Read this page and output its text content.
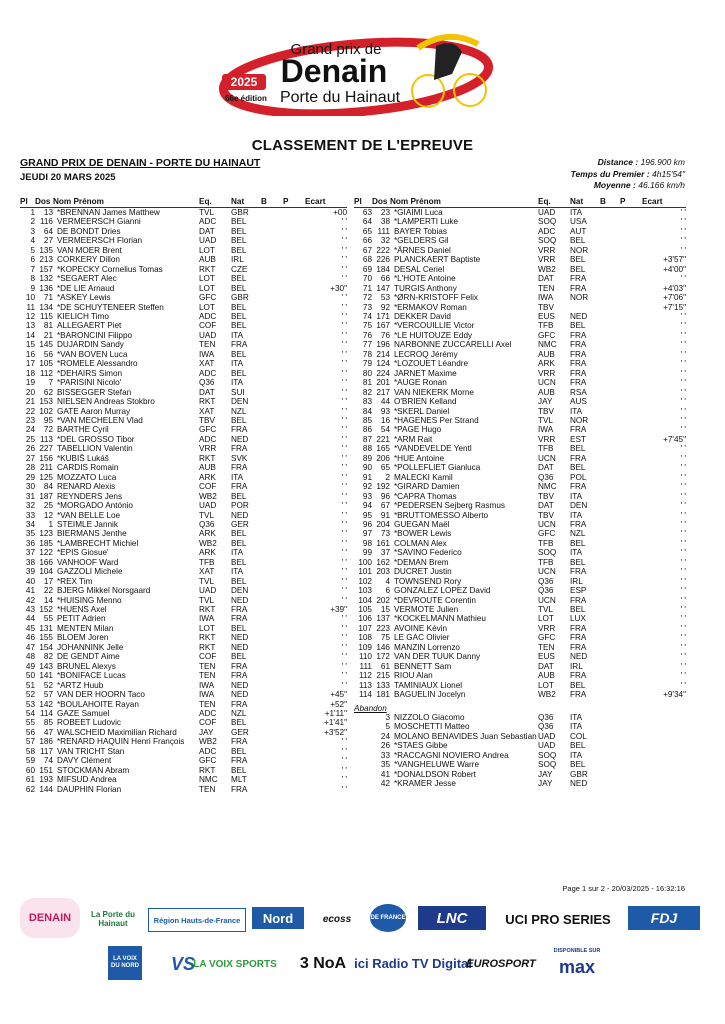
2025
66e édition
Grand prix de
Denain
Porte du Hainaut
CLASSEMENT DE L'EPREUVE
GRAND PRIX DE DENAIN - PORTE DU HAINAUT
JEUDI 20 MARS 2025
Distance : 196.900 km
Temps du Premier : 4h15'54"
Moyenne : 46.166 km/h
Pl	Dos	Nom Prénom	Eq.	Nat	B	P	Ecart
1	13	*BRENNAN James Matthew	TVL	GBR			+00
2	116	VERMEERSCH Gianni	ADC	BEL			' '
3	64	DE BONDT Dries	DAT	BEL			' '
4	27	VERMEERSCH Florian	UAD	BEL			' '
5	135	VAN MOER Brent	LOT	BEL			' '
6	213	CORKERY Dillon	AUB	IRL			' '
7	157	*KOPECKY Cornelius Tomas	RKT	CZE			' '
8	132	*SEGAERT Alec	LOT	BEL			' '
9	136	*DE LIE Arnaud	LOT	BEL			+30"
10	71	*ASKEY Lewis	GFC	GBR			' '
11	134	*DE SCHUYTENEER Steffen	LOT	BEL			' '
12	115	KIELICH Timo	ADC	BEL			' '
13	81	ALLEGAERT Piet	COF	BEL			' '
14	21	*BARONCINI Filippo	UAD	ITA			' '
15	145	DUJARDIN Sandy	TEN	FRA			' '
16	56	*VAN BOVEN Luca	IWA	BEL			' '
17	105	*ROMELE Alessandro	XAT	ITA			' '
18	112	*DEHAIRS Simon	ADC	BEL			' '
19	7	*PARISINI Nicolo'	Q36	ITA			' '
20	62	BISSEGGER Stefan	DAT	SUI			' '
21	153	NIELSEN Andreas Stokbro	RKT	DEN			' '
22	102	GATE Aaron Murray	XAT	NZL			' '
23	95	*VAN MECHELEN Vlad	TBV	BEL			' '
24	72	BARTHE Cyril	GFC	FRA			' '
25	113	*DEL GROSSO Tibor	ADC	NED			' '
26	227	TABELLION Valentin	VRR	FRA			' '
27	156	*KUBIŠ Lukáš	RKT	SVK			' '
28	211	CARDIS Romain	AUB	FRA			' '
29	125	MOZZATO Luca	ARK	ITA			' '
30	84	RENARD Alexis	COF	FRA			' '
31	187	REYNDERS Jens	WB2	BEL			' '
32	25	*MORGADO António	UAD	POR			' '
33	12	*VAN BELLE Loe	TVL	NED			' '
34	1	STEIMLE Jannik	Q36	GER			' '
35	123	BIERMANS Jenthe	ARK	BEL			' '
36	185	*LAMBRECHT Michiel	WB2	BEL			' '
37	122	*EPIS Giosue'	ARK	ITA			' '
38	166	VANHOOF Ward	TFB	BEL			' '
39	104	GAZZOLI Michele	XAT	ITA			' '
40	17	*REX Tim	TVL	BEL			' '
41	22	BJERG Mikkel Norsgaard	UAD	DEN			' '
42	14	*HUISING Menno	TVL	NED			' '
43	152	*HUENS Axel	RKT	FRA			+39"
44	55	PETIT Adrien	IWA	FRA			' '
45	131	MENTEN Milan	LOT	BEL			' '
46	155	BLOEM Joren	RKT	NED			' '
47	154	JOHANNINK Jelle	RKT	NED			' '
48	82	DE GENDT Aime	COF	BEL			' '
49	143	BRUNEL Alexys	TEN	FRA			' '
50	141	*BONIFACE Lucas	TEN	FRA			' '
51	52	*ARTZ Huub	IWA	NED			' '
52	57	VAN DER HOORN Taco	IWA	NED			+45"
53	142	*BOULAHOITE Rayan	TEN	FRA			+52"
54	114	GAZE Samuel	ADC	NZL			+1'11"
55	85	ROBEET Ludovic	COF	BEL			+1'41"
56	47	WALSCHEID Maximilian Richard	JAY	GER			+3'52"
57	186	*RENARD HAQUIN Henri François	WB2	FRA			' '
58	117	VAN TRICHT Stan	ADC	BEL			' '
59	74	DAVY Clément	GFC	FRA			' '
60	151	STOCKMAN Abram	RKT	BEL			' '
61	193	MIFSUD Andrea	NMC	MLT			' '
62	144	DAUPHIN Florian	TEN	FRA			' '
Pl	Dos	Nom Prénom	Eq.	Nat	B	P	Ecart
63	23	*GIAIMI Luca	UAD	ITA			' '
64	38	*LAMPERTI Luke	SOQ	USA			' '
65	111	BAYER Tobias	ADC	AUT			' '
66	32	*GELDERS Gil	SOQ	BEL			' '
67	222	*ÄRNES Daniel	VRR	NOR			' '
68	226	PLANCKAERT Baptiste	VRR	BEL			+3'57"
69	184	DESAL Ceriel	WB2	BEL			+4'00"
70	66	*L'HOTE Antoine	DAT	FRA			' '
71	147	TURGIS Anthony	TEN	FRA			+4'03"
72	53	*ØRN-KRISTOFF Felix	IWA	NOR			+7'06"
73	92	*ERMAKOV Roman	TBV				+7'15"
74	171	DEKKER David	EUS	NED			' '
75	167	*VERCOUILLIE Victor	TFB	BEL			' '
76	76	*LE HUITOUZE Eddy	GFC	FRA			' '
77	196	NARBONNE ZUCCARELLI Axel	NMC	FRA			' '
78	214	LECROQ Jérémy	AUB	FRA			' '
79	124	*LOZOUET Léandre	ARK	FRA			' '
80	224	JARNET Maxime	VRR	FRA			' '
81	201	*AUGE Ronan	UCN	FRA			' '
82	217	VAN NIEKERK Morne	AUB	RSA			' '
83	44	O'BRIEN Kelland	JAY	AUS			' '
84	93	*SKERL Daniel	TBV	ITA			' '
85	16	*HAGENES Per Strand	TVL	NOR			' '
86	54	*PAGE Hugo	IWA	FRA			' '
87	221	*ARM Rait	VRR	EST			+7'45"
88	165	*VANDEVELDE Yentl	TFB	BEL			' '
89	206	*HUE Antoine	UCN	FRA			' '
90	65	*POLLEFLIET Gianluca	DAT	BEL			' '
91	2	MALECKI Kamil	Q36	POL			' '
92	192	*GIRARD Damien	NMC	FRA			' '
93	96	*CAPRA Thomas	TBV	ITA			' '
94	67	*PEDERSEN Sejberg Rasmus	DAT	DEN			' '
95	91	*BRUTTOMESSO Alberto	TBV	ITA			' '
96	204	GUEGAN Maël	UCN	FRA			' '
97	73	*BOWER Lewis	GFC	NZL			' '
98	161	COLMAN Alex	TFB	BEL			' '
99	37	*SAVINO Federico	SOQ	ITA			' '
100	162	*DEMAN Brem	TFB	BEL			' '
101	203	DUCRET Justin	UCN	FRA			' '
102	4	TOWNSEND Rory	Q36	IRL			' '
103	6	GONZALEZ LOPEZ David	Q36	ESP			' '
104	202	*DEVROUTE Corentin	UCN	FRA			' '
105	15	VERMOTE Julien	TVL	BEL			' '
106	137	*KOCKELMANN Mathieu	LOT	LUX			' '
107	223	AVOINE Kévin	VRR	FRA			' '
108	75	LE GAC Olivier	GFC	FRA			' '
109	146	MANZIN Lorrenzo	TEN	FRA			' '
110	172	VAN DER TUUK Danny	EUS	NED			' '
111	61	BENNETT Sam	DAT	IRL			' '
112	215	RIOU Alan	AUB	FRA			' '
113	133	TAMINIAUX Lionel	LOT	BEL			' '
114	181	BAGUELIN Jocelyn	WB2	FRA			+9'34"

Abandon							
	3	NIZZOLO Giacomo	Q36	ITA			
	5	MOSCHETTI Matteo	Q36	ITA			
	24	MOLANO BENAVIDES Juan Sebastian	UAD	COL			
	26	*STAES Gibbe	UAD	BEL			
	33	*RACCAGNI NOVIERO Andrea	SOQ	ITA			
	35	*VANGHELUWE Warre	SOQ	BEL			
	41	*DONALDSON Robert	JAY	GBR			
	42	*KRAMER Jesse	JAY	NED			
Page 1 sur 2 - 20/03/2025 - 16:32:16
DENAIN	La Porte du Hainaut	Région Hauts-de-France	Nord	ecoss	DE FRANCE	LNC	UCI PRO SERIES	FDJ
LA VOIX DU NORD VS
LA VOIX SPORTS	3 NoA ici Radio TV Digital
EUROSPORT
DISPONIBLE SUR
max
